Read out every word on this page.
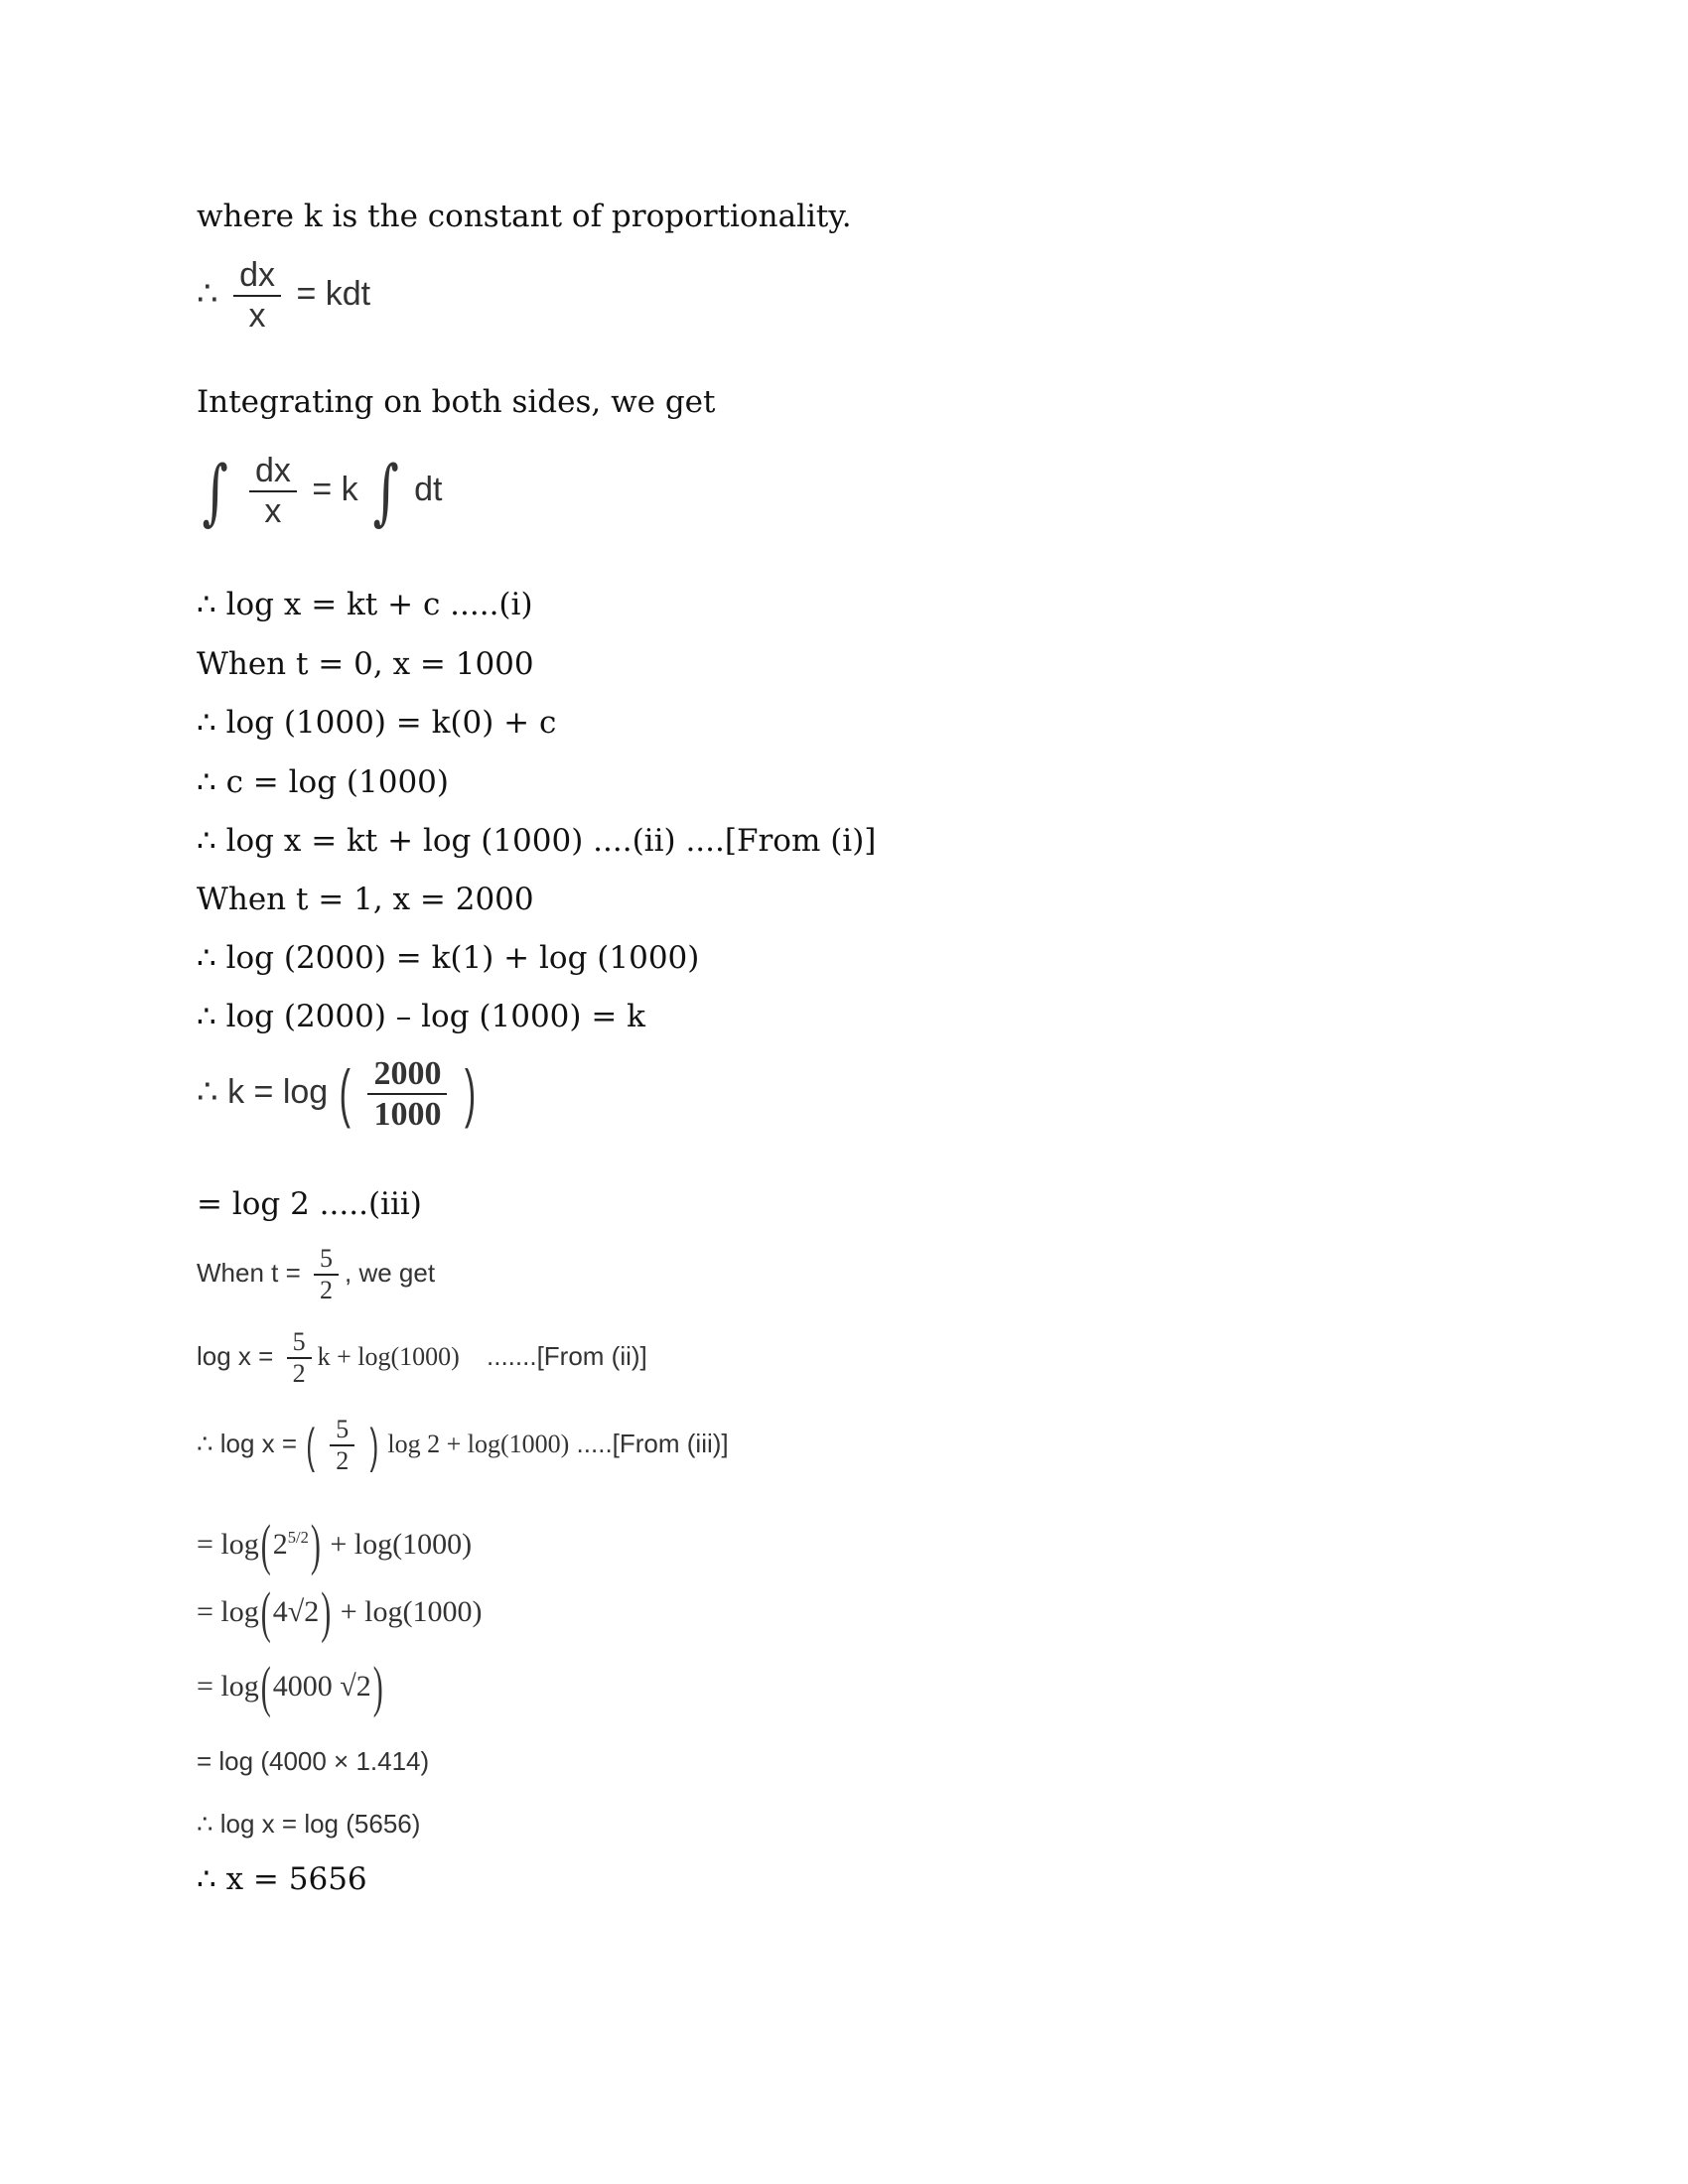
where k is the constant of proportionality.
∴ $\frac{dx}{x}$ = kdt
Integrating on both sides, we get
∫ $\frac{dx}{x} = k$ ∫ dt
∴ log x = kt + c .....(i)
When t = 0, x = 1000
∴ log (1000) = k(0) + c
∴ c = log (1000)
∴ log x = kt + log (1000) ....(ii) ....[From (i)]
When t = 1, x = 2000
∴ log (2000) = k(1) + log (1000)
∴ log (2000) – log (1000) = k
∴ k = log ( $\frac{2000}{1000}$ )
= log 2 .....(iii)
When $t = \frac{5}{2}$ , we get
$\log x = \frac{5}{2}$ k + log(1000) .......[From (ii)]
∴ log x = ( $\frac{5}{2}$ ) log 2 + log(1000) .....[From (iii)]
= $\log(2^{5/2}) + \log(1000)$
= log(4√2) + log(1000)
= log(4000 √2)
= log (4000 × 1.414)
∴ log x = log (5656)
∴ x = 5656
